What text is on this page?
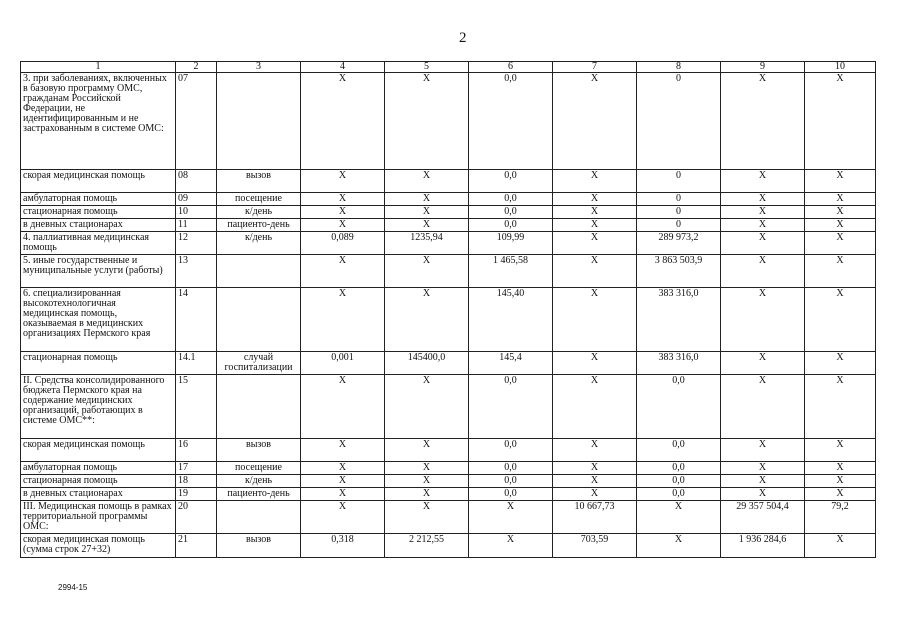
2
1	2	3	4	5	6	7	8	9	10
3. при заболеваниях, включенных в базовую программу ОМС, гражданам Российской Федерации, не идентифицированным и не застрахованным в системе ОМС:	07		X	X	0,0	X	0	X	X
скорая медицинская помощь	08	вызов	X	X	0,0	X	0	X	X
амбулаторная помощь	09	посещение	X	X	0,0	X	0	X	X
стационарная помощь	10	к/день	X	X	0,0	X	0	X	X
в дневных стационарах	11	пациенто-день	X	X	0,0	X	0	X	X
4. паллиативная медицинская помощь	12	к/день	0,089	1235,94	109,99	X	289 973,2	X	X
5. иные государственные и муниципальные услуги (работы)	13		X	X	1 465,58	X	3 863 503,9	X	X
6. специализированная высокотехнологичная медицинская помощь, оказываемая в медицинских организациях Пермского края	14		X	X	145,40	X	383 316,0	X	X
стационарная помощь	14.1	случай госпитализации	0,001	145400,0	145,4	X	383 316,0	X	X
II. Средства консолидированного бюджета Пермского края на содержание медицинских организаций, работающих в системе ОМС**:	15		X	X	0,0	X	0,0	X	X
скорая медицинская помощь	16	вызов	X	X	0,0	X	0,0	X	X
амбулаторная помощь	17	посещение	X	X	0,0	X	0,0	X	X
стационарная помощь	18	к/день	X	X	0,0	X	0,0	X	X
в дневных стационарах	19	пациенто-день	X	X	0,0	X	0,0	X	X
III. Медицинская помощь в рамках территориальной программы ОМС:	20		X	X	X	10 667,73	X	29 357 504,4	79,2
скорая медицинская помощь (сумма строк 27+32)	21	вызов	0,318	2 212,55	X	703,59	X	1 936 284,6	X
2994-15
